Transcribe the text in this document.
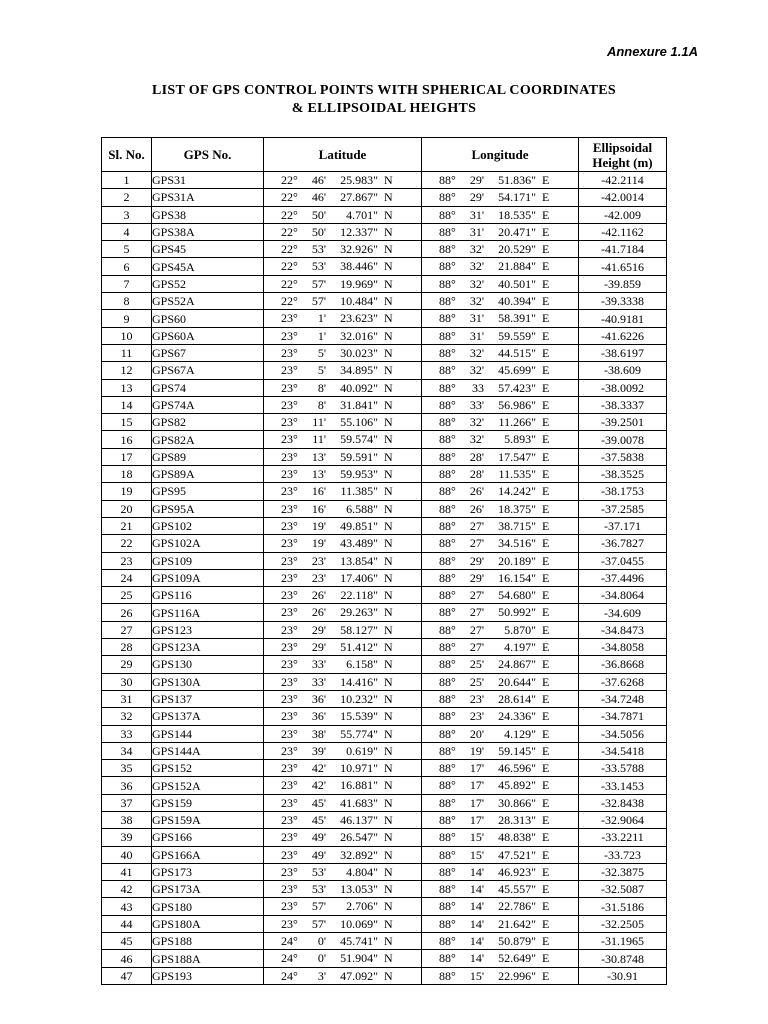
Annexure 1.1A
LIST OF GPS CONTROL POINTS WITH SPHERICAL COORDINATES
& ELLIPSOIDAL HEIGHTS
Sl. No.	GPS No.	Latitude	Longitude	Ellipsoidal Height (m)
1	GPS31	22° 46' 25.983" N	88° 29' 51.836" E	-42.2114
2	GPS31A	22° 46' 27.867" N	88° 29' 54.171" E	-42.0014
3	GPS38	22° 50' 4.701" N	88° 31' 18.535" E	-42.009
4	GPS38A	22° 50' 12.337" N	88° 31' 20.471" E	-42.1162
5	GPS45	22° 53' 32.926" N	88° 32' 20.529" E	-41.7184
6	GPS45A	22° 53' 38.446" N	88° 32' 21.884" E	-41.6516
7	GPS52	22° 57' 19.969" N	88° 32' 40.501" E	-39.859
8	GPS52A	22° 57' 10.484" N	88° 32' 40.394" E	-39.3338
9	GPS60	23° 1' 23.623" N	88° 31' 58.391" E	-40.9181
10	GPS60A	23° 1' 32.016" N	88° 31' 59.559" E	-41.6226
11	GPS67	23° 5' 30.023" N	88° 32' 44.515" E	-38.6197
12	GPS67A	23° 5' 34.895" N	88° 32' 45.699" E	-38.609
13	GPS74	23° 8' 40.092" N	88° 33 57.423" E	-38.0092
14	GPS74A	23° 8' 31.841" N	88° 33' 56.986" E	-38.3337
15	GPS82	23° 11' 55.106" N	88° 32' 11.266" E	-39.2501
16	GPS82A	23° 11' 59.574" N	88° 32' 5.893" E	-39.0078
17	GPS89	23° 13' 59.591" N	88° 28' 17.547" E	-37.5838
18	GPS89A	23° 13' 59.953" N	88° 28' 11.535" E	-38.3525
19	GPS95	23° 16' 11.385" N	88° 26' 14.242" E	-38.1753
20	GPS95A	23° 16' 6.588" N	88° 26' 18.375" E	-37.2585
21	GPS102	23° 19' 49.851" N	88° 27' 38.715" E	-37.171
22	GPS102A	23° 19' 43.489" N	88° 27' 34.516" E	-36.7827
23	GPS109	23° 23' 13.854" N	88° 29' 20.189" E	-37.0455
24	GPS109A	23° 23' 17.406" N	88° 29' 16.154" E	-37.4496
25	GPS116	23° 26' 22.118" N	88° 27' 54.680" E	-34.8064
26	GPS116A	23° 26' 29.263" N	88° 27' 50.992" E	-34.609
27	GPS123	23° 29' 58.127" N	88° 27' 5.870" E	-34.8473
28	GPS123A	23° 29' 51.412" N	88° 27' 4.197" E	-34.8058
29	GPS130	23° 33' 6.158" N	88° 25' 24.867" E	-36.8668
30	GPS130A	23° 33' 14.416" N	88° 25' 20.644" E	-37.6268
31	GPS137	23° 36' 10.232" N	88° 23' 28.614" E	-34.7248
32	GPS137A	23° 36' 15.539" N	88° 23' 24.336" E	-34.7871
33	GPS144	23° 38' 55.774" N	88° 20' 4.129" E	-34.5056
34	GPS144A	23° 39' 0.619" N	88° 19' 59.145" E	-34.5418
35	GPS152	23° 42' 10.971" N	88° 17' 46.596" E	-33.5788
36	GPS152A	23° 42' 16.881" N	88° 17' 45.892" E	-33.1453
37	GPS159	23° 45' 41.683" N	88° 17' 30.866" E	-32.8438
38	GPS159A	23° 45' 46.137" N	88° 17' 28.313" E	-32.9064
39	GPS166	23° 49' 26.547" N	88° 15' 48.838" E	-33.2211
40	GPS166A	23° 49' 32.892" N	88° 15' 47.521" E	-33.723
41	GPS173	23° 53' 4.804" N	88° 14' 46.923" E	-32.3875
42	GPS173A	23° 53' 13.053" N	88° 14' 45.557" E	-32.5087
43	GPS180	23° 57' 2.706" N	88° 14' 22.786" E	-31.5186
44	GPS180A	23° 57' 10.069" N	88° 14' 21.642" E	-32.2505
45	GPS188	24° 0' 45.741" N	88° 14' 50.879" E	-31.1965
46	GPS188A	24° 0' 51.904" N	88° 14' 52.649" E	-30.8748
47	GPS193	24° 3' 47.092" N	88° 15' 22.996" E	-30.91
